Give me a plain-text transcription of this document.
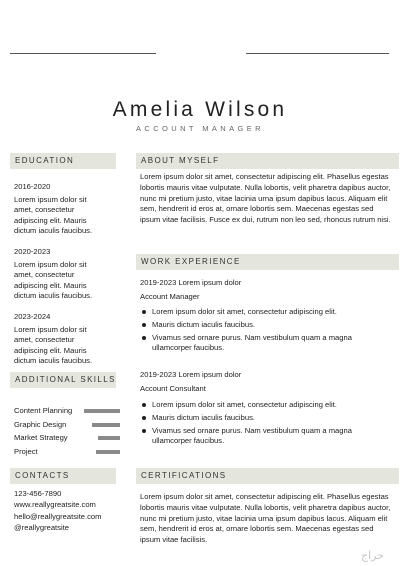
Amelia Wilson
ACCOUNT MANAGER
EDUCATION
ADDITIONAL SKILLS
CONTACTS
ABOUT MYSELF
WORK EXPERIENCE
CERTIFICATIONS
2016-2020
Lorem ipsum dolor sit amet, consectetur adipiscing elit. Mauris dictum iaculis faucibus.
2020-2023
Lorem ipsum dolor sit amet, consectetur adipiscing elit. Mauris dictum iaculis faucibus.
2023-2024
Lorem ipsum dolor sit amet, consectetur adipiscing elit. Mauris dictum iaculis faucibus.
Content Planning
Graphic Design
Market Strategy
Project
123-456-7890
www.reallygreatsite.com
hello@reallygreatsite.com
@reallygreatsite
Lorem ipsum dolor sit amet, consectetur adipiscing elit. Phasellus egestas lobortis mauris vitae vulputate. Nulla lobortis, velit pharetra dapibus auctor, nunc mi pretium justo, vitae lacinia urna ipsum dapibus lacus. Aliquam elit sem, hendrerit id eros at, ornare lobortis sem. Maecenas egestas sed ipsum vitae facilisis. Fusce ex dui, rutrum non leo sed, rhoncus rutrum nisi.
2019-2023 Lorem ipsum dolor
Account Manager
Lorem ipsum dolor sit amet, consectetur adipiscing elit.
Mauris dictum iaculis faucibus.
Vivamus sed ornare purus. Nam vestibulum quam a magna ullamcorper faucibus.
2019-2023 Lorem ipsum dolor
Account Consultant
Lorem ipsum dolor sit amet, consectetur adipiscing elit.
Mauris dictum iaculis faucibus.
Vivamus sed ornare purus. Nam vestibulum quam a magna ullamcorper faucibus.
Lorem ipsum dolor sit amet, consectetur adipiscing elit. Phasellus egestas lobortis mauris vitae vulputate. Nulla lobortis, velit pharetra dapibus auctor, nunc mi pretium justo, vitae lacinia urna ipsum dapibus lacus. Aliquam elit sem, hendrerit id eros at, ornare lobortis sem. Maecenas egestas sed ipsum vitae facilisis.
حراج
